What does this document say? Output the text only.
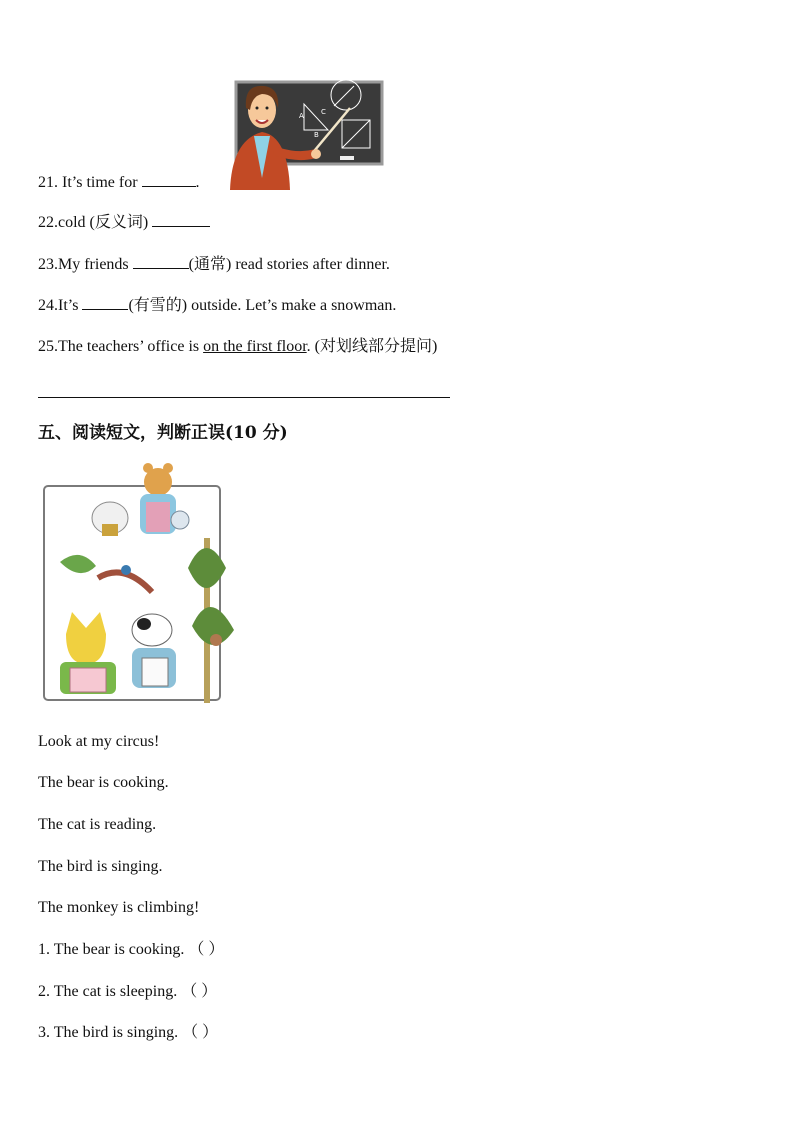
A C
B
21. It’s time for	.
22.cold (反义词)
23.My friends	(通常) read stories after dinner.
24.It’s	(有雪的) outside. Let’s make a snowman.
25.The teachers’ office is on the first floor. (对划线部分提问)
五、阅读短文，判断正误(10 分)
Look at my circus!
The bear is cooking.
The cat is reading.
The bird is singing.
The monkey is climbing!
1. The bear is cooking. （ ）
2. The cat is sleeping. （ ）
3. The bird is singing. （ ）
